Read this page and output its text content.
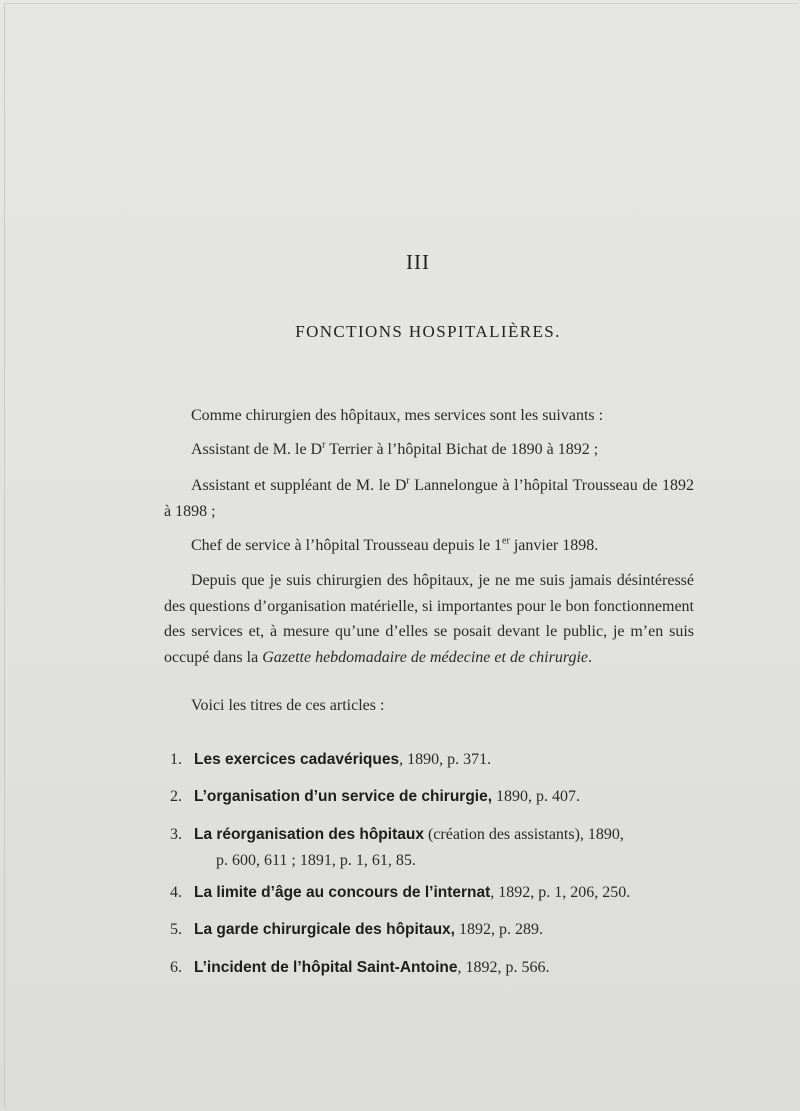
III
FONCTIONS HOSPITALIÈRES.

Comme chirurgien des hôpitaux, mes services sont les suivants :

Assistant de M. le $D^r$ Terrier à l’hôpital Bichat de 1890 à 1892 ;

Assistant et suppléant de M. le $D^r$ Lannelongue à l’hôpital Trousseau de 1892 à 1898 ;

Chef de service à l’hôpital Trousseau depuis le 1er janvier 1898.

Depuis que je suis chirurgien des hôpitaux, je ne me suis jamais désintéressé des questions d’organisation matérielle, si importantes pour le bon fonctionnement des services et, à mesure qu’une d’elles se posait devant le public, je m’en suis occupé dans la Gazette hebdomadaire de médecine et de chirurgie.

Voici les titres de ces articles :

1. Les exercices cadavériques, 1890, p. 371.
2. L’organisation d’un service de chirurgie, 1890, p. 407.
3. La réorganisation des hôpitaux (création des assistants), 1890,
p. 600, 611 ; 1891, p. 1, 61, 85.
4. La limite d’âge au concours de l’internat, 1892, p. 1, 206, 250.
5. La garde chirurgicale des hôpitaux, 1892, p. 289.
6. L’incident de l’hôpital Saint-Antoine, 1892, p. 566.
